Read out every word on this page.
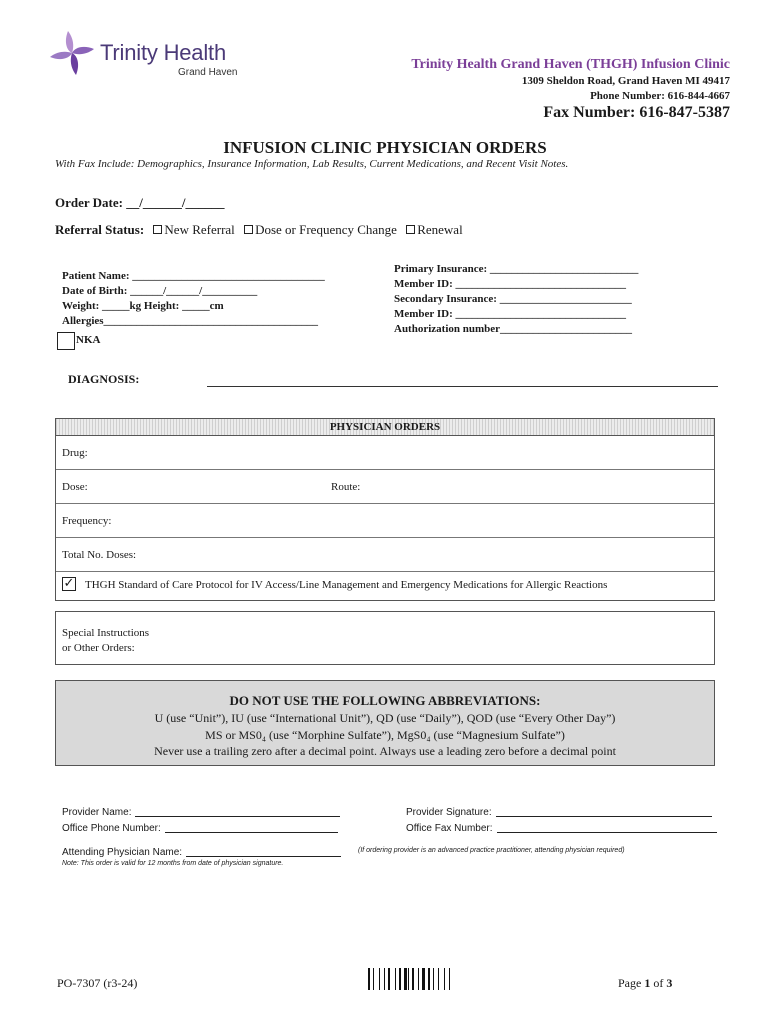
Trinity Health
Grand Haven
Trinity Health Grand Haven (THGH) Infusion Clinic
1309 Sheldon Road, Grand Haven MI 49417
Phone Number: 616-844-4667
Fax Number: 616-847-5387
INFUSION CLINIC PHYSICIAN ORDERS
With Fax Include: Demographics, Insurance Information, Lab Results, Current Medications, and Recent Visit Notes.
Order Date: __/______/______
Referral Status: New Referral Dose or Frequency Change Renewal
Patient Name: ___________________________________
Date of Birth: ______/______/__________
Weight: _____kg Height: _____cm
Allergies_______________________________________
NKA
Primary Insurance: ___________________________
Member ID: _______________________________
Secondary Insurance: ________________________
Member ID: _______________________________
Authorization number________________________
DIAGNOSIS:
PHYSICIAN ORDERS
Drug:
Dose:	Route:
Frequency:
Total No. Doses:
✓ THGH Standard of Care Protocol for IV Access/Line Management and Emergency Medications for Allergic Reactions
Special Instructions
or Other Orders:
DO NOT USE THE FOLLOWING ABBREVIATIONS:
U (use “Unit”), IU (use “International Unit”), QD (use “Daily”), QOD (use “Every Other Day”)
MS or MS0₄ (use “Morphine Sulfate”), MgS0₄ (use “Magnesium Sulfate”)
Never use a trailing zero after a decimal point. Always use a leading zero before a decimal point
Provider Name:
Office Phone Number:
Provider Signature:
Office Fax Number:
Attending Physician Name:	(If ordering provider is an advanced practice practitioner, attending physician required)
Note: This order is valid for 12 months from date of physician signature.
PO-7307 (r3-24)	Page 1 of 3
